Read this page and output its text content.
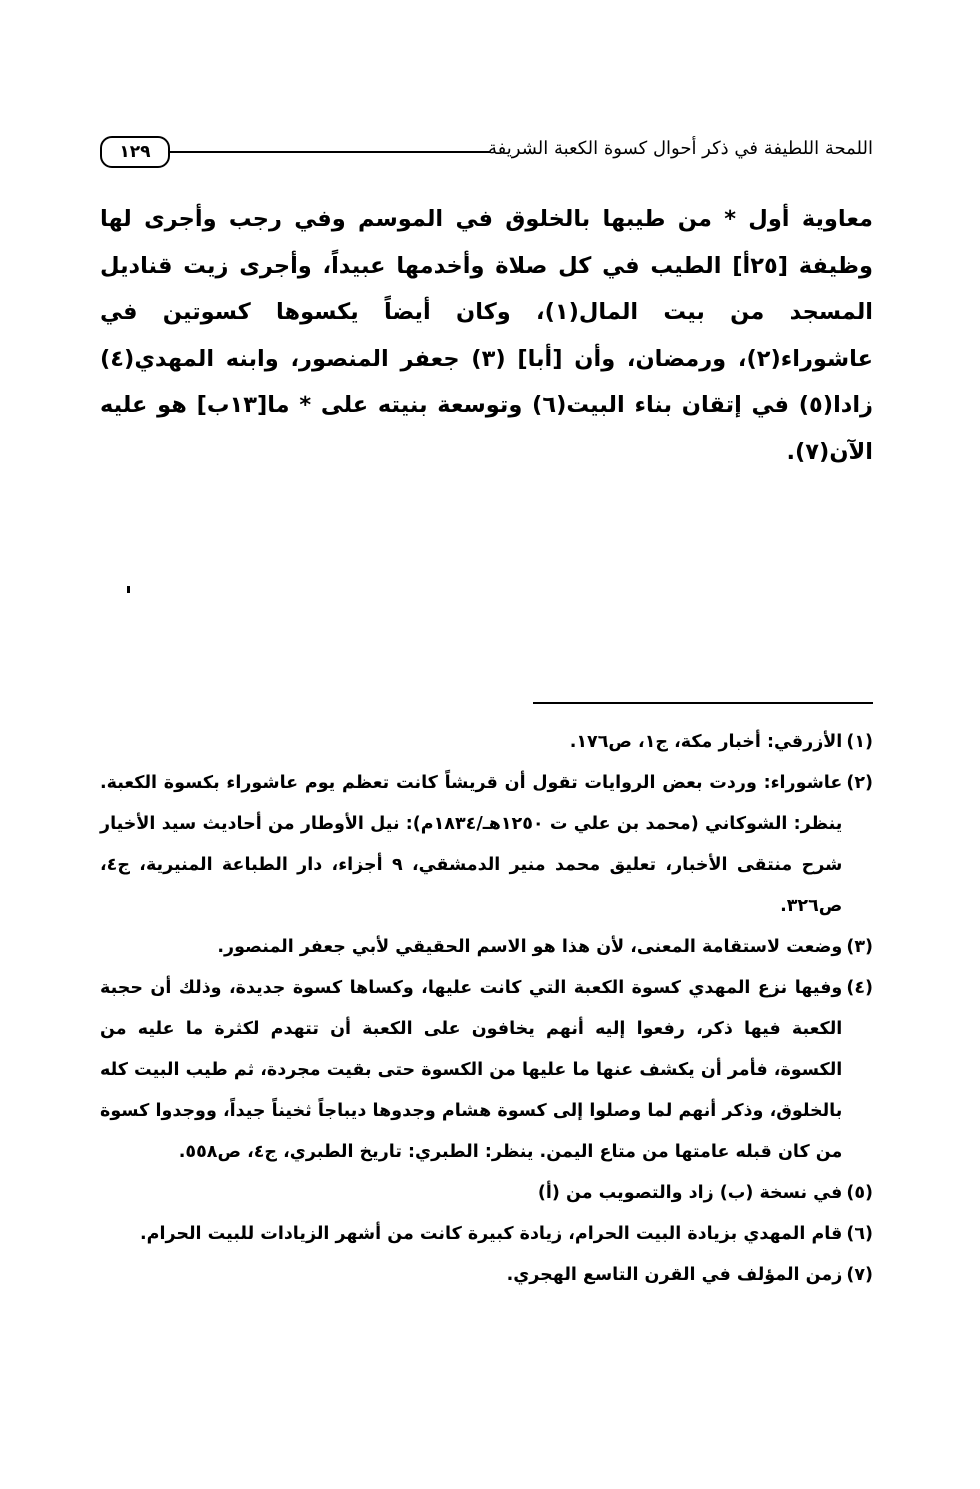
١٢٩	اللمحة اللطيفة في ذكر أحوال كسوة الكعبة الشريفة

معاوية أول * من طيبها بالخلوق في الموسم وفي رجب وأجرى لها وظيفة [٢٥أ] الطيب في كل صلاة وأخدمها عبيداً، وأجرى زيت قناديل المسجد من بيت المال(١)، وكان أيضاً يكسوها كسوتين في عاشوراء(٢)، ورمضان، وأن [أبا] (٣) جعفر المنصور، وابنه المهدي(٤) زادا(٥) في إتقان بناء البيت(٦) وتوسعة بنيته على * ما[١٣ب] هو عليه الآن(٧).

(١)
الأزرقي: أخبار مكة، ج١، ص١٧٦.
(٢)
عاشوراء: وردت بعض الروايات تقول أن قريشاً كانت تعظم يوم عاشوراء بكسوة الكعبة. ينظر: الشوكاني (محمد بن علي ت ١٢٥٠هـ/١٨٣٤م): نيل الأوطار من أحاديث سيد الأخيار شرح منتقى الأخبار، تعليق محمد منير الدمشقي، ٩ أجزاء، دار الطباعة المنيرية، ج٤، ص٣٢٦.
(٣)
وضعت لاستقامة المعنى، لأن هذا هو الاسم الحقيقي لأبي جعفر المنصور.
(٤)
وفيها نزع المهدي كسوة الكعبة التي كانت عليها، وكساها كسوة جديدة، وذلك أن حجبة الكعبة فيها ذكر، رفعوا إليه أنهم يخافون على الكعبة أن تتهدم لكثرة ما عليه من الكسوة، فأمر أن يكشف عنها ما عليها من الكسوة حتى بقيت مجردة، ثم طيب البيت كله بالخلوق، وذكر أنهم لما وصلوا إلى كسوة هشام وجدوها ديباجاً ثخيناً جيداً، ووجدوا كسوة من كان قبله عامتها من متاع اليمن. ينظر: الطبري: تاريخ الطبري، ج٤، ص٥٥٨.
(٥)
في نسخة (ب) زاد والتصويب من (أ)
(٦)
قام المهدي بزيادة البيت الحرام، زيادة كبيرة كانت من أشهر الزيادات للبيت الحرام.
(٧)
زمن المؤلف في القرن التاسع الهجري.
